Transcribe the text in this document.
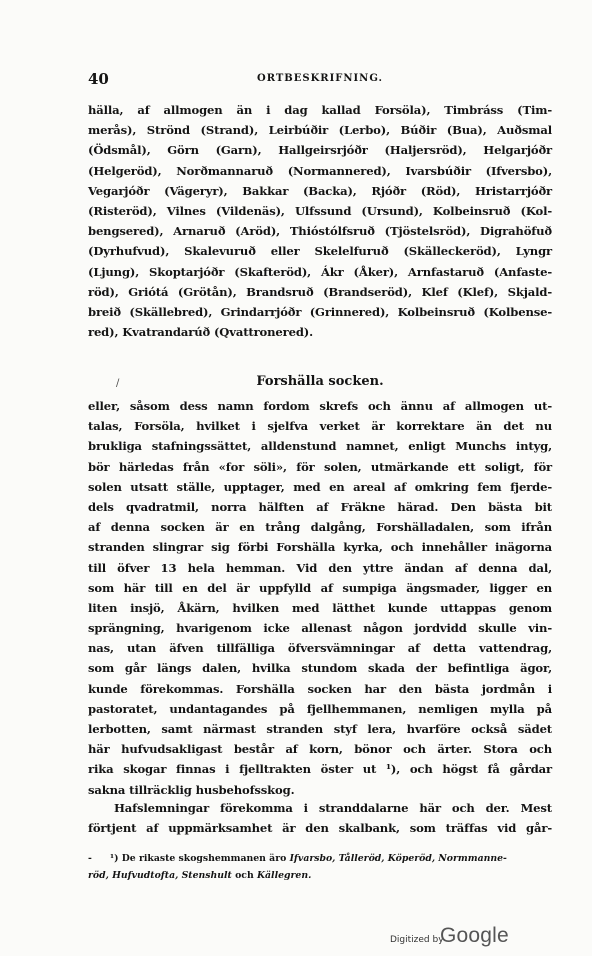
40	ORTBESKRIFNING.
hälla, af allmogen än i dag kallad Forsöla), Timbráss (Tim-
merås), Strönd (Strand), Leirbúðir (Lerbo), Búðir (Bua), Auðsmal
(Ödsmål), Görn (Garn), Hallgeirsrjóðr (Haljersröd), Helgarjóðr
(Helgeröd), Norðmannaruð (Normannered), Ivarsbúðir (Ifversbo),
Vegarjóðr (Vägeryr), Bakkar (Backa), Rjóðr (Röd), Hristarrjóðr
(Risteröd), Vilnes (Vildenäs), Ulfssund (Ursund), Kolbeinsruð (Kol-
bengsered), Arnaruð (Aröd), Thióstólfsruð (Tjöstelsröd), Digrahöfuð
(Dyrhufvud), Skalevuruð eller Skelelfuruð (Skälleckeröd), Lyngr
(Ljung), Skoptarjóðr (Skafteröd), Ákr (Åker), Arnfastaruð (Anfaste-
röd), Griótá (Grötån), Brandsruð (Brandseröd), Klef (Klef), Skjald-
breið (Skällebred), Grindarrjóðr (Grinnered), Kolbeinsruð (Kolbense-
red), Kvatrandarúð (Qvattronered).
/	Forshälla socken.
eller, såsom dess namn fordom skrefs och ännu af allmogen ut-
talas, Forsöla, hvilket i sjelfva verket är korrektare än det nu
brukliga stafningssättet, alldenstund namnet, enligt Munchs intyg,
bör härledas från «for söli», för solen, utmärkande ett soligt, för
solen utsatt ställe, upptager, med en areal af omkring fem fjerde-
dels qvadratmil, norra hälften af Fräkne härad. Den bästa bit
af denna socken är en trång dalgång, Forshälladalen, som ifrån
stranden slingrar sig förbi Forshälla kyrka, och innehåller inägorna
till öfver 13 hela hemman. Vid den yttre ändan af denna dal,
som här till en del är uppfylld af sumpiga ängsmader, ligger en
liten insjö, Åkärn, hvilken med lätthet kunde uttappas genom
sprängning, hvarigenom icke allenast någon jordvidd skulle vin-
nas, utan äfven tillfälliga öfversvämningar af detta vattendrag,
som går längs dalen, hvilka stundom skada der befintliga ägor,
kunde förekommas. Forshälla socken har den bästa jordmån i
pastoratet, undantagandes på fjellhemmanen, nemligen mylla på
lerbotten, samt närmast stranden styf lera, hvarföre också sädet
här hufvudsakligast består af korn, bönor och ärter. Stora och
rika skogar finnas i fjelltrakten öster ut ¹), och högst få gårdar
sakna tillräcklig husbehofsskog.
Hafslemningar förekomma i stranddalarne här och der. Mest
förtjent af uppmärksamhet är den skalbank, som träffas vid går-
- ¹) De rikaste skogshemmanen äro Ifvarsbo, Tålleröd, Köperöd, Normmanne-
röd, Hufvudtofta, Stenshult och Källegren.
Digitized by
Google
